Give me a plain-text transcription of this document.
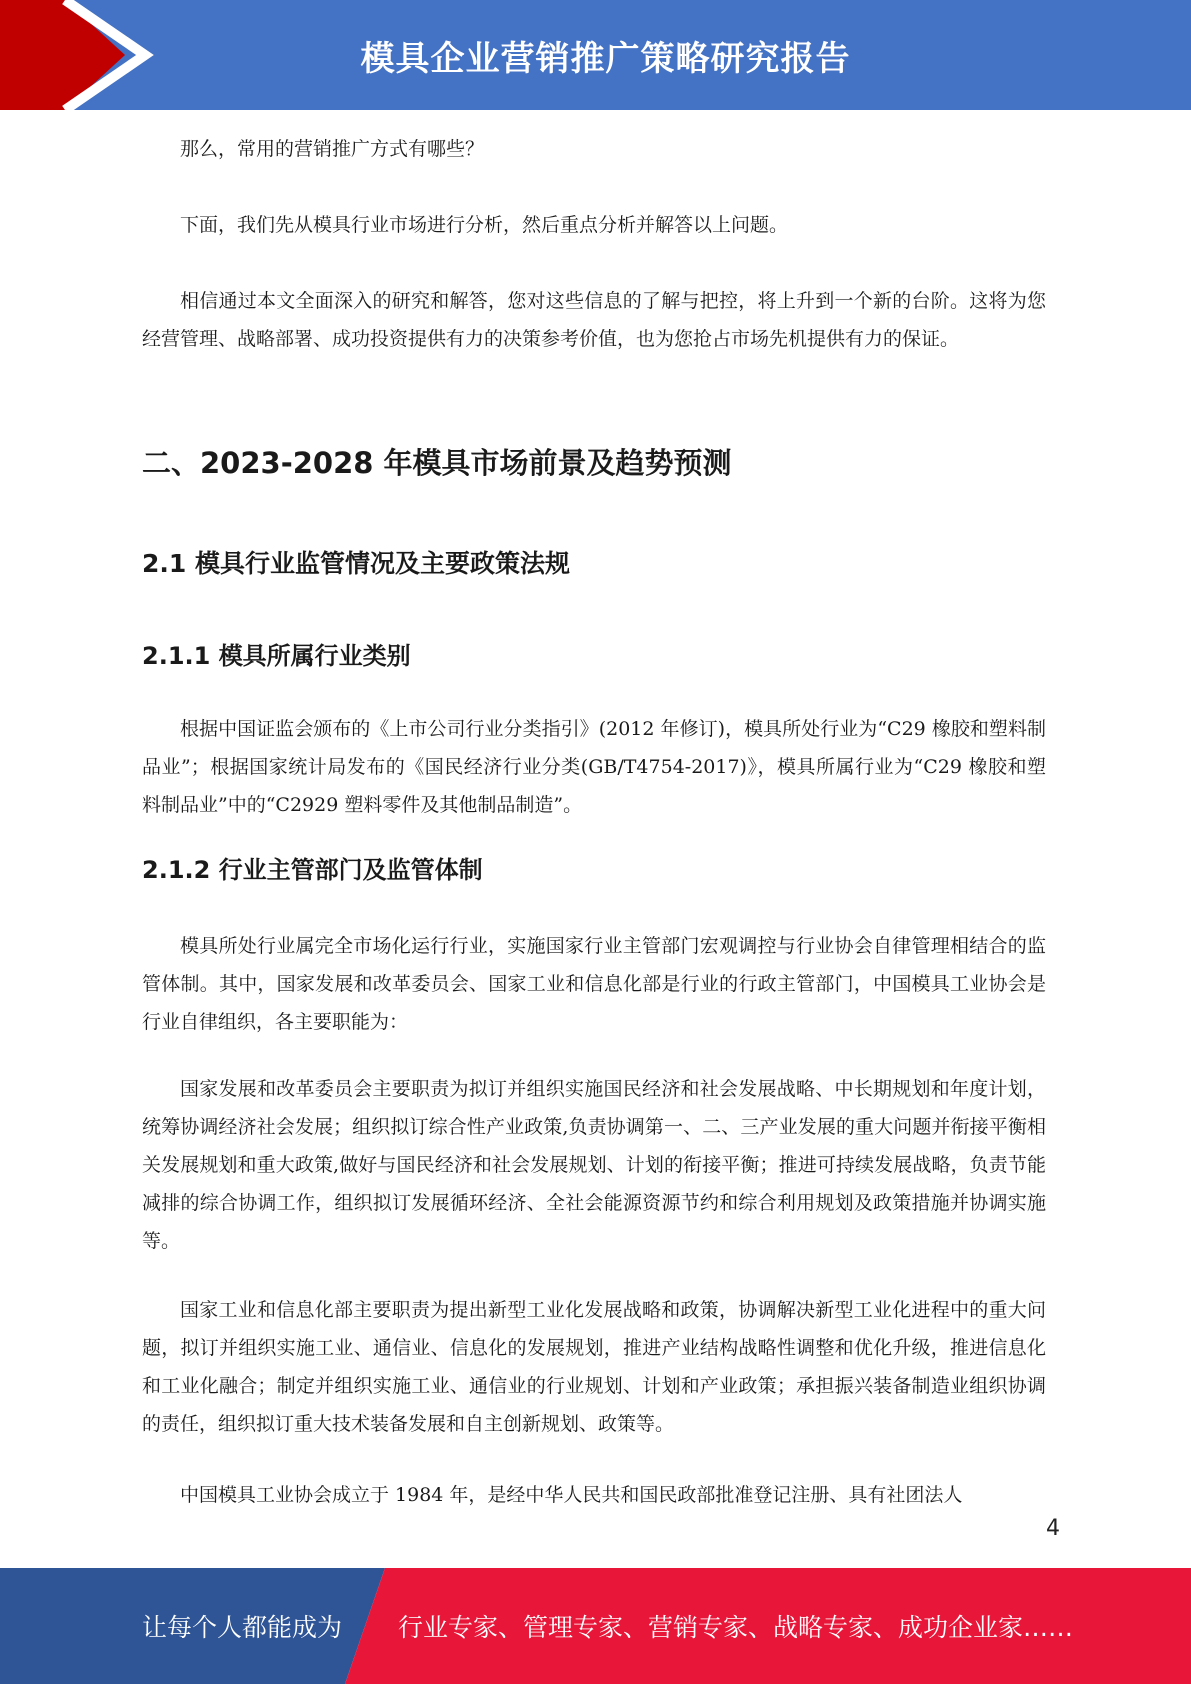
模具企业营销推广策略研究报告

那么，常用的营销推广方式有哪些？

下面，我们先从模具行业市场进行分析，然后重点分析并解答以上问题。

相信通过本文全面深入的研究和解答，您对这些信息的了解与把控，将上升到一个新的台阶。这将为您经营管理、战略部署、成功投资提供有力的决策参考价值，也为您抢占市场先机提供有力的保证。

二、2023-2028 年模具市场前景及趋势预测
2.1 模具行业监管情况及主要政策法规
2.1.1 模具所属行业类别

根据中国证监会颁布的《上市公司行业分类指引》(2012 年修订)，模具所处行业为“C29 橡胶和塑料制品业”；根据国家统计局发布的《国民经济行业分类(GB/T4754-2017)》，模具所属行业为“C29 橡胶和塑料制品业”中的“C2929 塑料零件及其他制品制造”。

2.1.2 行业主管部门及监管体制

模具所处行业属完全市场化运行行业，实施国家行业主管部门宏观调控与行业协会自律管理相结合的监管体制。其中，国家发展和改革委员会、国家工业和信息化部是行业的行政主管部门，中国模具工业协会是行业自律组织，各主要职能为：

国家发展和改革委员会主要职责为拟订并组织实施国民经济和社会发展战略、中长期规划和年度计划，统筹协调经济社会发展；组织拟订综合性产业政策,负责协调第一、二、三产业发展的重大问题并衔接平衡相关发展规划和重大政策,做好与国民经济和社会发展规划、计划的衔接平衡；推进可持续发展战略，负责节能减排的综合协调工作，组织拟订发展循环经济、全社会能源资源节约和综合利用规划及政策措施并协调实施等。

国家工业和信息化部主要职责为提出新型工业化发展战略和政策，协调解决新型工业化进程中的重大问题，拟订并组织实施工业、通信业、信息化的发展规划，推进产业结构战略性调整和优化升级，推进信息化和工业化融合；制定并组织实施工业、通信业的行业规划、计划和产业政策；承担振兴装备制造业组织协调的责任，组织拟订重大技术装备发展和自主创新规划、政策等。

中国模具工业协会成立于 1984 年，是经中华人民共和国民政部批准登记注册、具有社团法人

4
让每个人都能成为 行业专家、管理专家、营销专家、战略专家、成功企业家……
